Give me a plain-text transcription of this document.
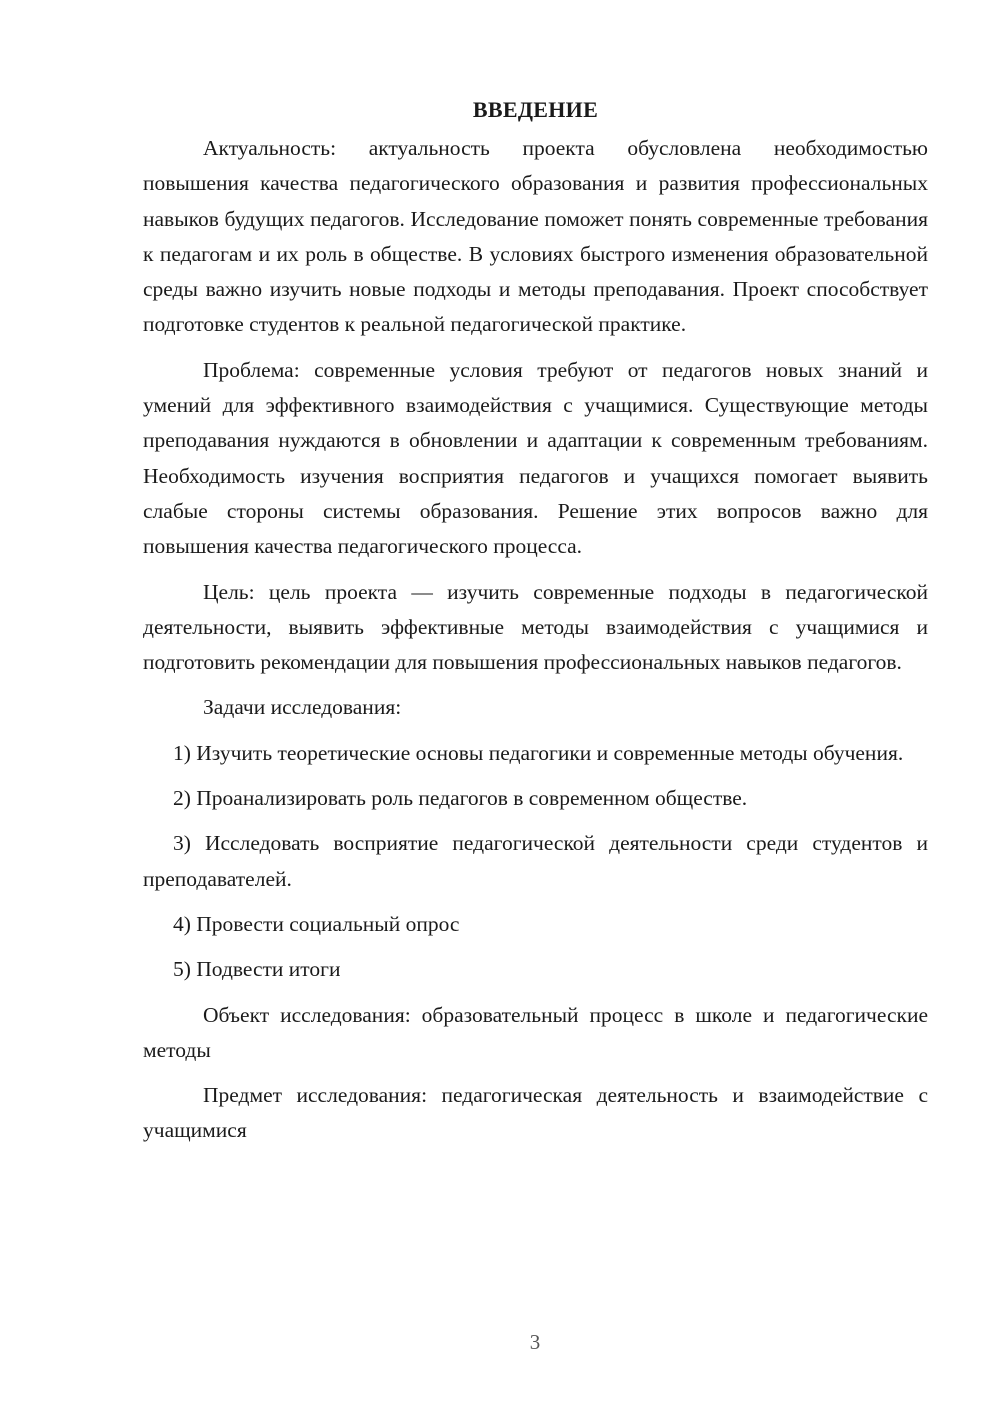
ВВЕДЕНИЕ

Актуальность: актуальность проекта обусловлена необходимостью повышения качества педагогического образования и развития профессиональных навыков будущих педагогов. Исследование поможет понять современные требования к педагогам и их роль в обществе. В условиях быстрого изменения образовательной среды важно изучить новые подходы и методы преподавания. Проект способствует подготовке студентов к реальной педагогической практике.

Проблема: современные условия требуют от педагогов новых знаний и умений для эффективного взаимодействия с учащимися. Существующие методы преподавания нуждаются в обновлении и адаптации к современным требованиям. Необходимость изучения восприятия педагогов и учащихся помогает выявить слабые стороны системы образования. Решение этих вопросов важно для повышения качества педагогического процесса.

Цель: цель проекта — изучить современные подходы в педагогической деятельности, выявить эффективные методы взаимодействия с учащимися и подготовить рекомендации для повышения профессиональных навыков педагогов.

Задачи исследования:

1) Изучить теоретические основы педагогики и современные методы обучения.

2) Проанализировать роль педагогов в современном обществе.

3) Исследовать восприятие педагогической деятельности среди студентов и преподавателей.

4) Провести социальный опрос

5) Подвести итоги

Объект исследования: образовательный процесс в школе и педагогические методы

Предмет исследования: педагогическая деятельность и взаимодействие с учащимися

3
